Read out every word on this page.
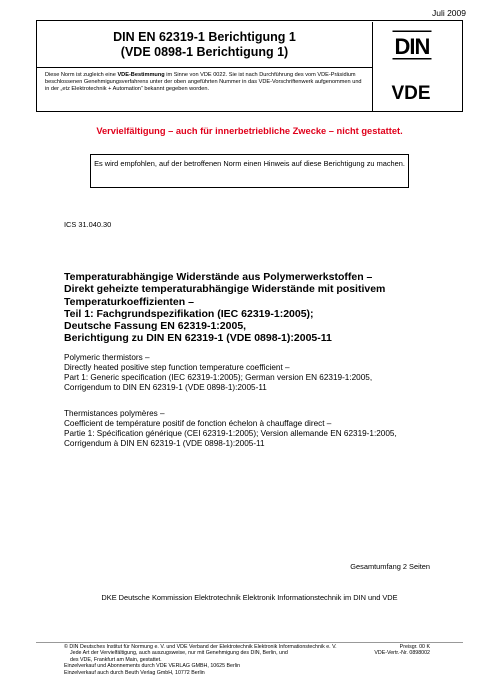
Juli 2009
DIN EN 62319-1 Berichtigung 1
(VDE 0898-1 Berichtigung 1)
Diese Norm ist zugleich eine VDE-Bestimmung im Sinne von VDE 0022. Sie ist nach Durchführung des vom VDE-Präsidium beschlossenen Genehmigungsverfahrens unter der oben angeführten Nummer in das VDE-Vorschriftenwerk aufgenommen und in der „etz Elektrotechnik + Automation“ bekannt gegeben worden.
DIN
VDE
Vervielfältigung – auch für innerbetriebliche Zwecke – nicht gestattet.
Es wird empfohlen, auf der betroffenen Norm einen Hinweis auf diese Berichtigung zu machen.
ICS 31.040.30
Temperaturabhängige Widerstände aus Polymerwerkstoffen –
Direkt geheizte temperaturabhängige Widerstände mit positivem
Temperaturkoeffizienten –
Teil 1: Fachgrundspezifikation (IEC 62319-1:2005);
Deutsche Fassung EN 62319-1:2005,
Berichtigung zu DIN EN 62319-1 (VDE 0898-1):2005-11
Polymeric thermistors –
Directly heated positive step function temperature coefficient –
Part 1: Generic specification (IEC 62319-1:2005); German version EN 62319-1:2005,
Corrigendum to DIN EN 62319-1 (VDE 0898-1):2005-11
Thermistances polymères –
Coefficient de température positif de fonction échelon à chauffage direct –
Partie 1: Spécification générique (CEI 62319-1:2005); Version allemande EN 62319-1:2005,
Corrigendum à DIN EN 62319-1 (VDE 0898-1):2005-11
Gesamtumfang 2 Seiten
DKE Deutsche Kommission Elektrotechnik Elektronik Informationstechnik im DIN und VDE
© DIN Deutsches Institut für Normung e. V. und VDE Verband der Elektrotechnik Elektronik Informationstechnik e. V.
Jede Art der Vervielfältigung, auch auszugsweise, nur mit Genehmigung des DIN, Berlin, und
des VDE, Frankfurt am Main, gestattet.
Einzelverkauf und Abonnements durch VDE VERLAG GMBH, 10625 Berlin
Einzelverkauf auch durch Beuth Verlag GmbH, 10772 Berlin
Preisgr. 00 K
VDE-Vertr.-Nr. 0898002
